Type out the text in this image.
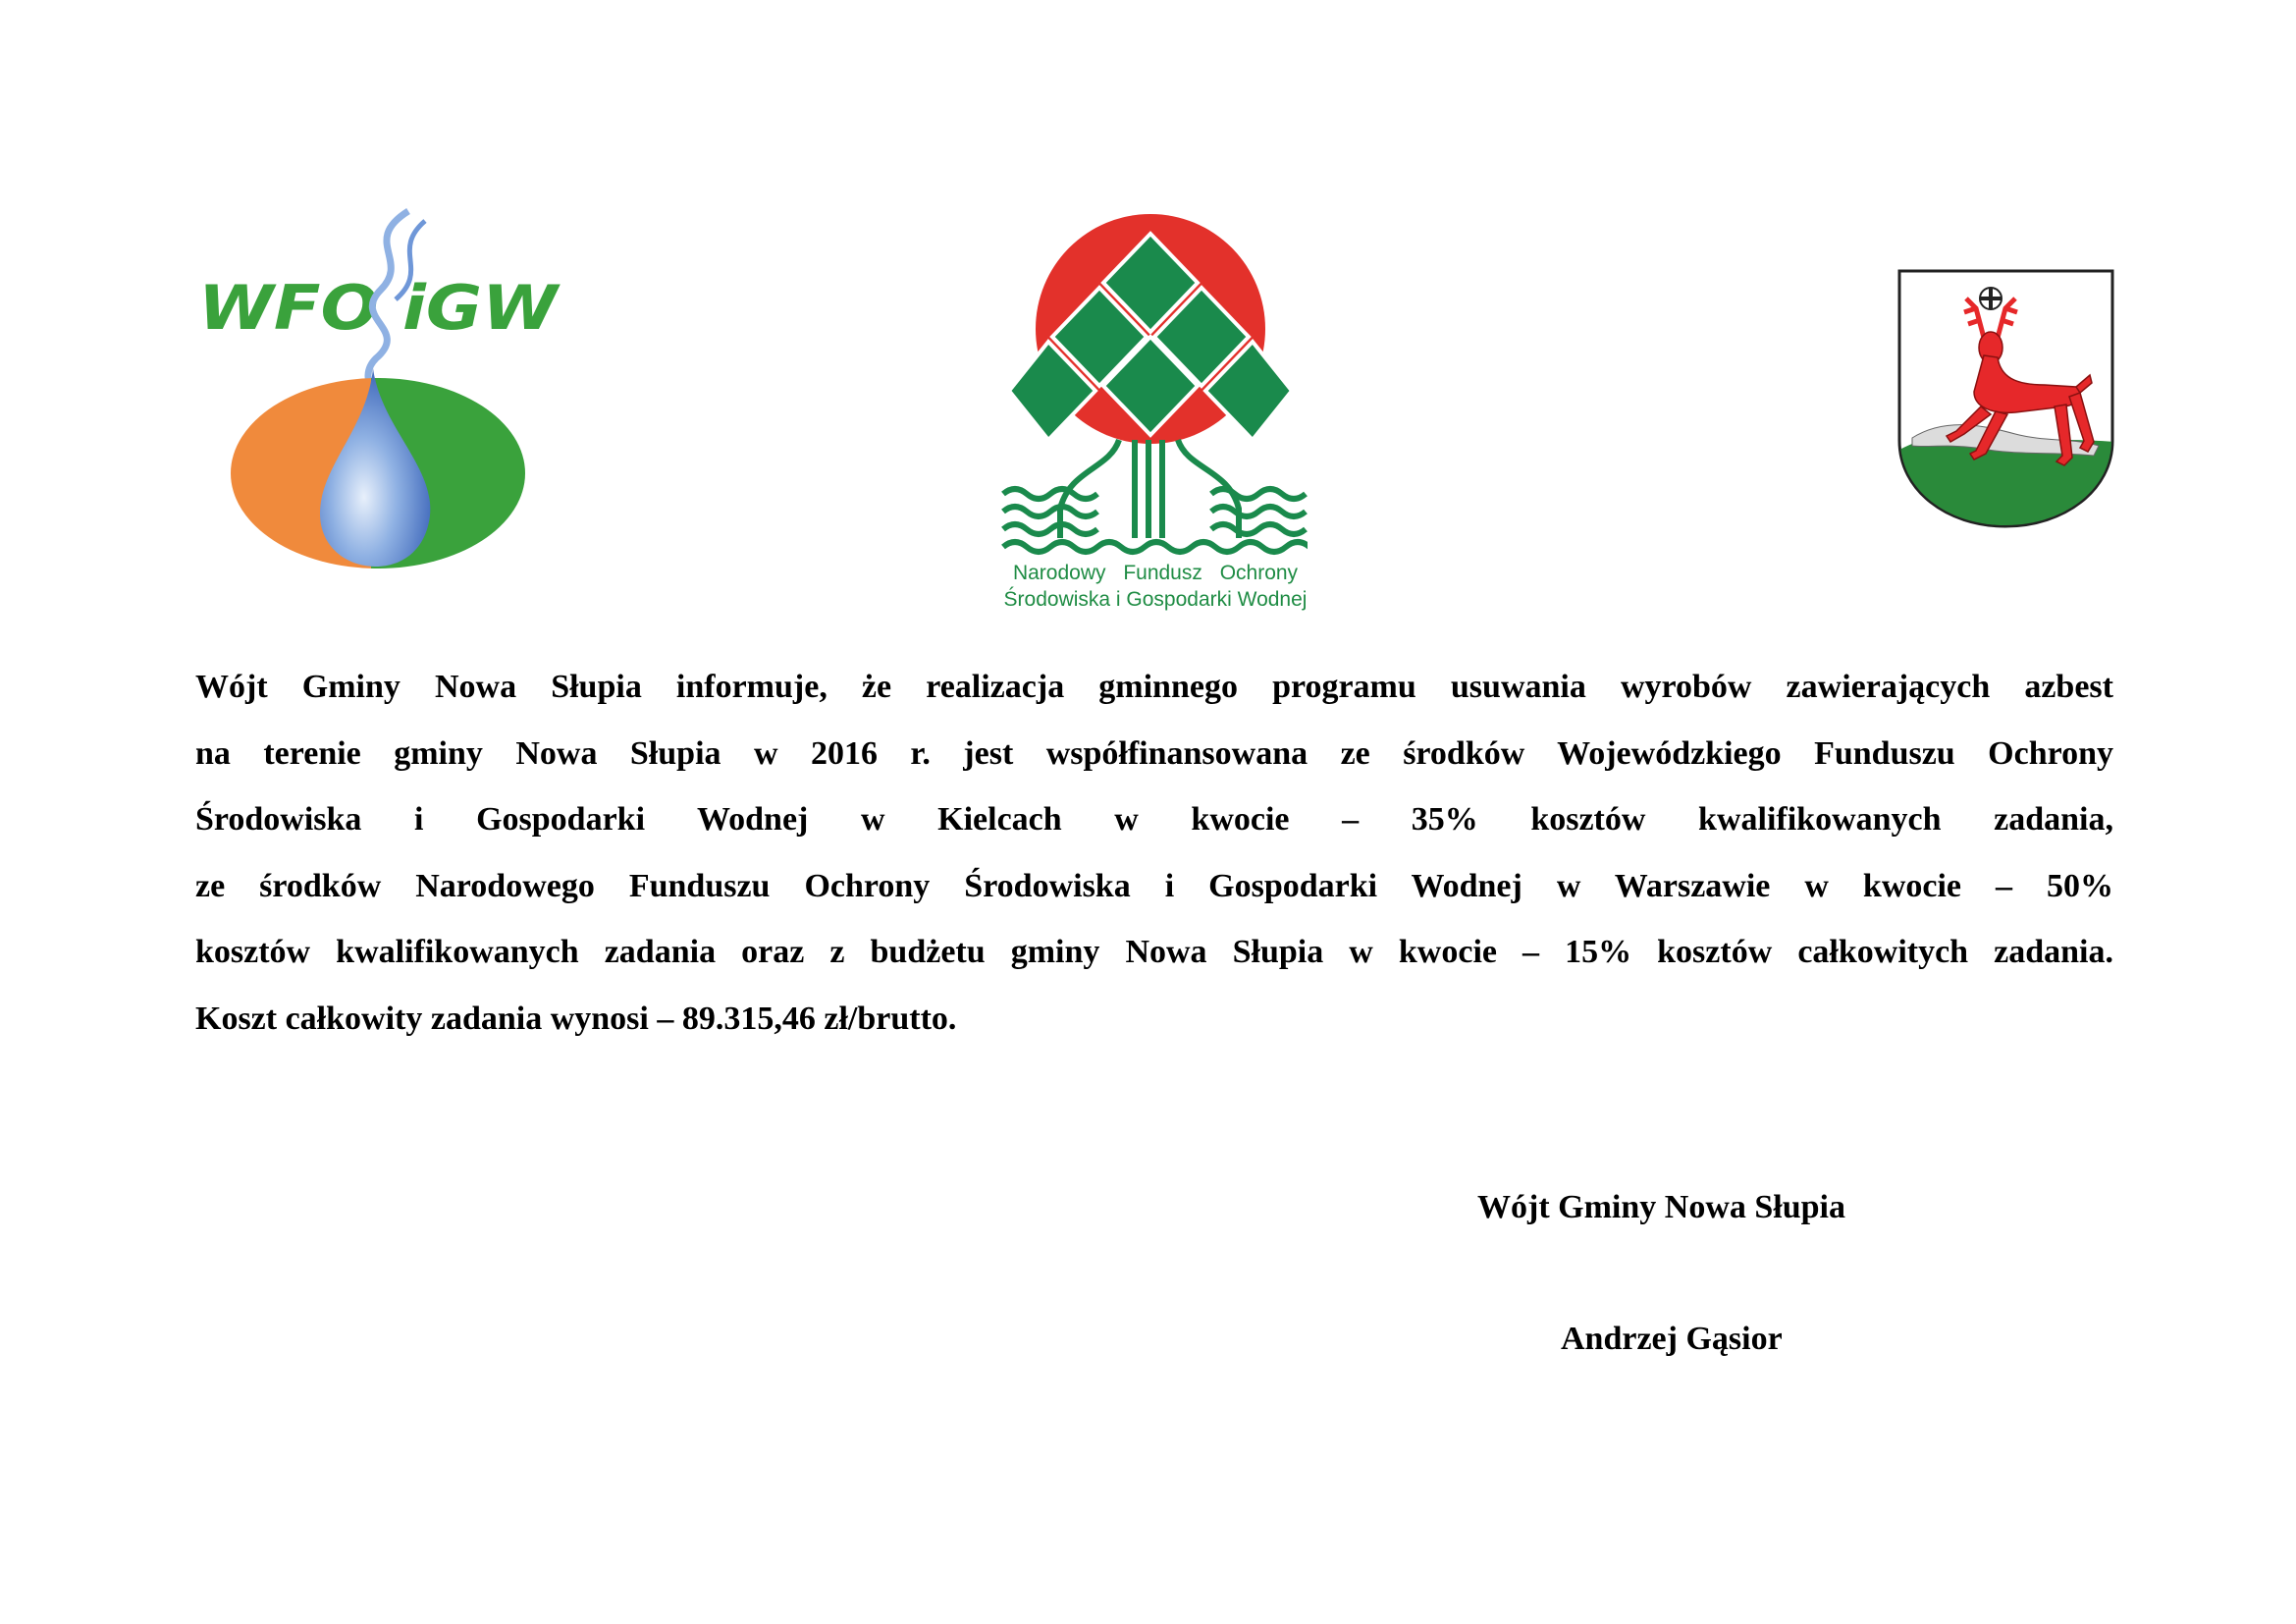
WFO iGW
Narodowy Fundusz Ochrony
Środowiska i Gospodarki Wodnej
Wójt Gminy Nowa Słupia informuje, że realizacja gminnego programu usuwania wyrobów zawierających azbest
na terenie gminy Nowa Słupia w 2016 r. jest współfinansowana ze środków Wojewódzkiego Funduszu Ochrony
Środowiska i Gospodarki Wodnej w Kielcach w kwocie – 35% kosztów kwalifikowanych zadania,
ze środków Narodowego Funduszu Ochrony Środowiska i Gospodarki Wodnej w Warszawie w kwocie – 50%
kosztów kwalifikowanych zadania oraz z budżetu gminy Nowa Słupia w kwocie – 15% kosztów całkowitych zadania.
Koszt całkowity zadania wynosi – 89.315,46 zł/brutto.
Wójt Gminy Nowa Słupia
Andrzej Gąsior
